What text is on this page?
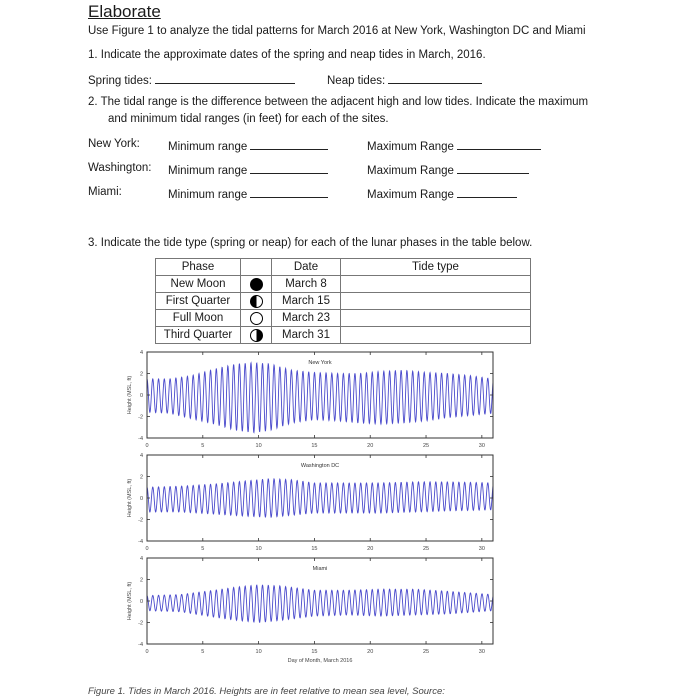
Elaborate
Use Figure 1 to analyze the tidal patterns for March 2016 at New York, Washington DC and Miami
1. Indicate the approximate dates of the spring and neap tides in March, 2016.
Spring tides:	Neap tides:
2. The tidal range is the difference between the adjacent high and low tides. Indicate the maximum
and minimum tidal ranges (in feet) for each of the sites.
New York: Minimum range	Maximum Range
Washington: Minimum range	Maximum Range
Miami:	Minimum range	Maximum Range
3. Indicate the tide type (spring or neap) for each of the lunar phases in the table below.
Phase		Date	Tide type
New Moon		March 8	
First Quarter		March 15	
Full Moon		March 23	
Third Quarter		March 31	
0	5	10	15	20	25	30
-4
-2
0
2
4
New York
Height (MSL, ft)
0	5	10	15	20	25	30
-4
-2
0
2
4
Washington DC
Height (MSL, ft)
0	5	10	15	20	25	30
-4
-2
0
2
4
Miami
Height (MSL, ft)
Day of Month, March 2016
Figure 1. Tides in March 2016. Heights are in feet relative to mean sea level, Source:
